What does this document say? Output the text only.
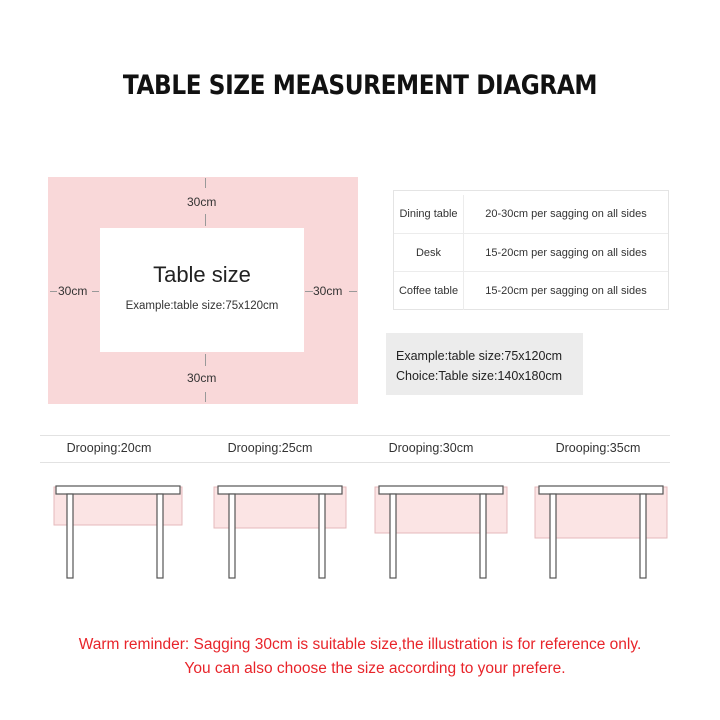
TABLE SIZE MEASUREMENT DIAGRAM
Table size
Example:table size:75x120cm
30cm
30cm
30cm	30cm
Dining table	20-30cm per sagging on all sides
Desk	15-20cm per sagging on all sides
Coffee table	15-20cm per sagging on all sides
Example:table size:75x120cm
Choice:Table size:140x180cm
Drooping:20cm	Drooping:25cm	Drooping:30cm	Drooping:35cm
Warm reminder: Sagging 30cm is suitable size,the illustration is for reference only.
You can also choose the size according to your prefere.
